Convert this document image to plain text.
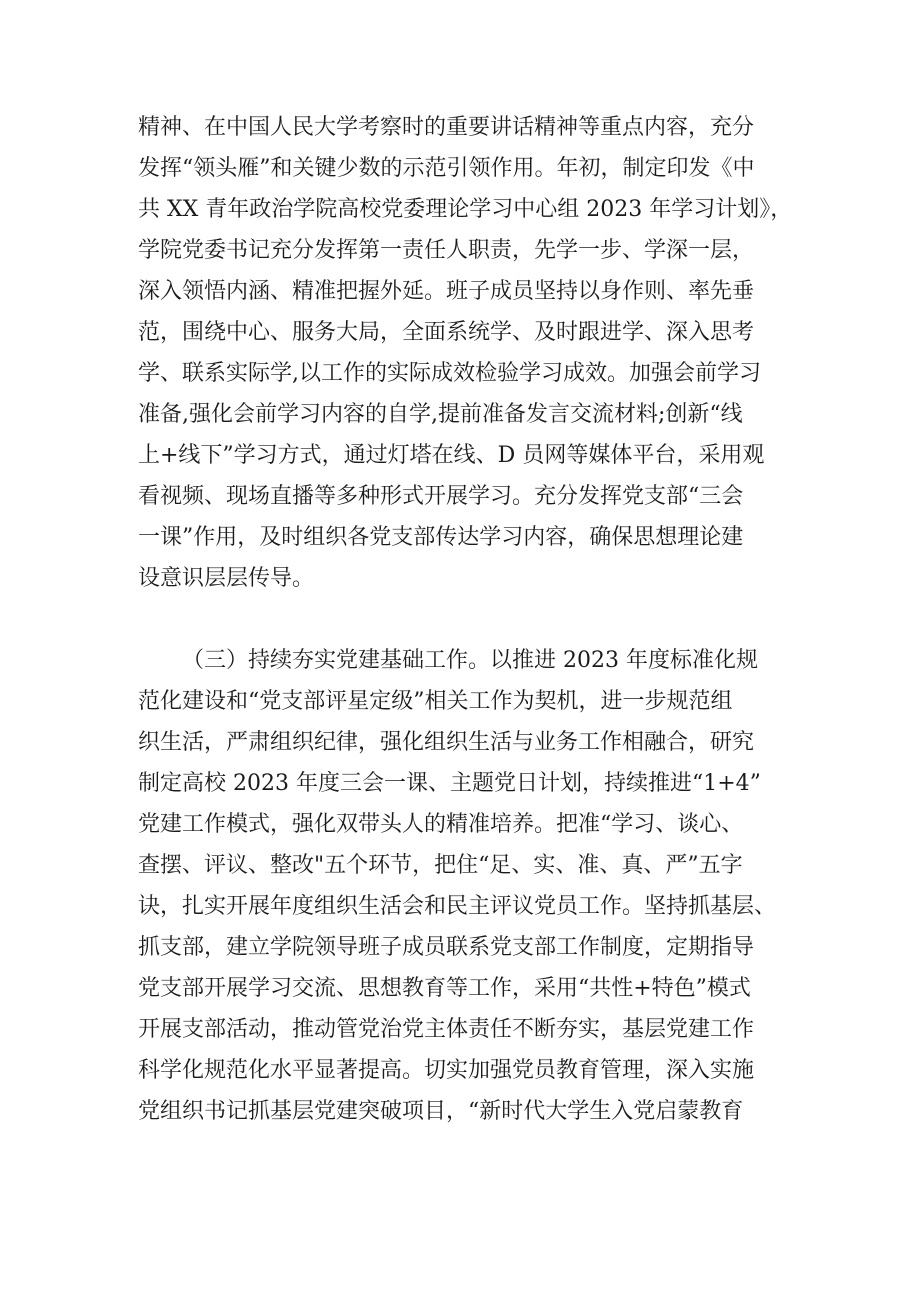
精神、在中国人民大学考察时的重要讲话精神等重点内容，充分
发挥“领头雁”和关键少数的示范引领作用。年初，制定印发《中
共 XX 青年政治学院高校党委理论学习中心组 2023 年学习计划》，
学院党委书记充分发挥第一责任人职责，先学一步、学深一层，
深入领悟内涵、精准把握外延。班子成员坚持以身作则、率先垂
范，围绕中心、服务大局，全面系统学、及时跟进学、深入思考
学、联系实际学,以工作的实际成效检验学习成效。加强会前学习
准备,强化会前学习内容的自学,提前准备发言交流材料;创新“线
上+线下”学习方式，通过灯塔在线、D 员网等媒体平台，采用观
看视频、现场直播等多种形式开展学习。充分发挥党支部“三会
一课”作用，及时组织各党支部传达学习内容，确保思想理论建
设意识层层传导。
（三）持续夯实党建基础工作。以推进 2023 年度标准化规
范化建设和“党支部评星定级”相关工作为契机，进一步规范组
织生活，严肃组织纪律，强化组织生活与业务工作相融合，研究
制定高校 2023 年度三会一课、主题党日计划，持续推进“1+4”
党建工作模式，强化双带头人的精准培养。把准“学习、谈心、
查摆、评议、整改"五个环节，把住“足、实、准、真、严”五字
诀，扎实开展年度组织生活会和民主评议党员工作。坚持抓基层、
抓支部，建立学院领导班子成员联系党支部工作制度，定期指导
党支部开展学习交流、思想教育等工作，采用“共性+特色”模式
开展支部活动，推动管党治党主体责任不断夯实，基层党建工作
科学化规范化水平显著提高。切实加强党员教育管理，深入实施
党组织书记抓基层党建突破项目，“新时代大学生入党启蒙教育
